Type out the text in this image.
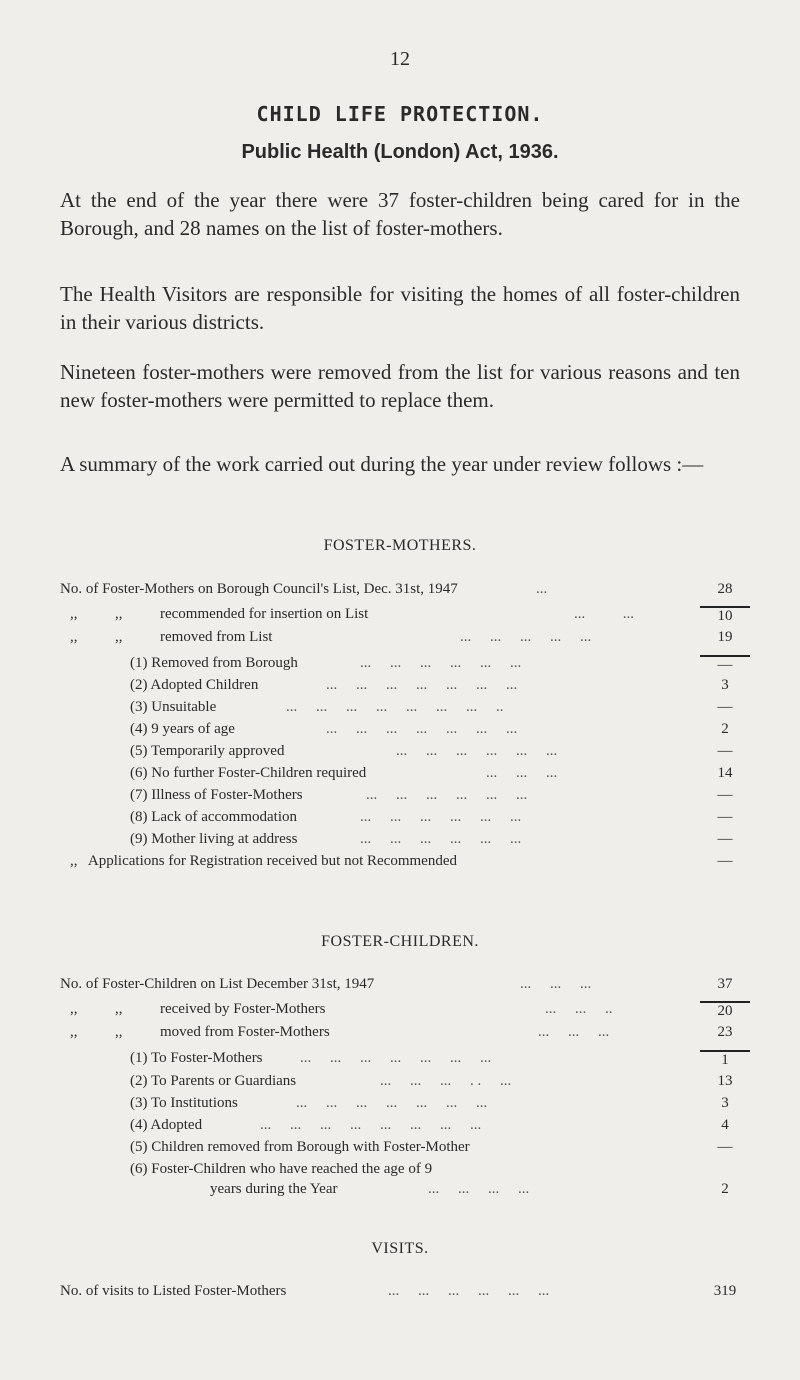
12
CHILD LIFE PROTECTION.
Public Health (London) Act, 1936.

At the end of the year there were 37 foster-children being cared for in the Borough, and 28 names on the list of foster-mothers.

The Health Visitors are responsible for visiting the homes of all foster-children in their various districts.

Nineteen foster-mothers were removed from the list for various reasons and ten new foster-mothers were permitted to replace them.

A summary of the work carried out during the year under review follows :—

FOSTER-MOTHERS.
No. of Foster-Mothers on Borough Council's List, Dec. 31st, 1947	...	28
,,          ,,          recommended for insertion on List	...          ...	10
,,          ,,          removed from List	...     ...     ...     ...     ...	19
(1) Removed from Borough	...     ...     ...     ...     ...     ...	—
(2) Adopted Children	...     ...     ...     ...     ...     ...     ...	3
(3) Unsuitable	...     ...     ...     ...     ...     ...     ...     ..	—
(4) 9 years of age	...     ...     ...     ...     ...     ...     ...	2
(5) Temporarily approved	...     ...     ...     ...     ...     ...	—
(6) No further Foster-Children required	...     ...     ...	14
(7) Illness of Foster-Mothers	...     ...     ...     ...     ...     ...	—
(8) Lack of accommodation	...     ...     ...     ...     ...     ...	—
(9) Mother living at address	...     ...     ...     ...     ...     ...	—
,,   Applications for Registration received but not Recommended	—
FOSTER-CHILDREN.
No. of Foster-Children on List December 31st, 1947	...     ...     ...	37
,,          ,,          received by Foster-Mothers	...     ...     ..	20
,,          ,,          moved from Foster-Mothers	...     ...     ...	23
(1) To Foster-Mothers ...     ...     ...     ...     ...     ...     ...	1
(2) To Parents or Guardians	...     ...     ...     . .     ...	13
(3) To Institutions	...     ...     ...     ...     ...     ...     ...	3
(4) Adopted	...     ...     ...     ...     ...     ...     ...     ...	4
(5) Children removed from Borough with Foster-Mother	—
(6) Foster-Children who have reached the age of 9
years during the Year	...     ...     ...     ...	2
VISITS.
No. of visits to Listed Foster-Mothers	...     ...     ...     ...     ...     ...	319
